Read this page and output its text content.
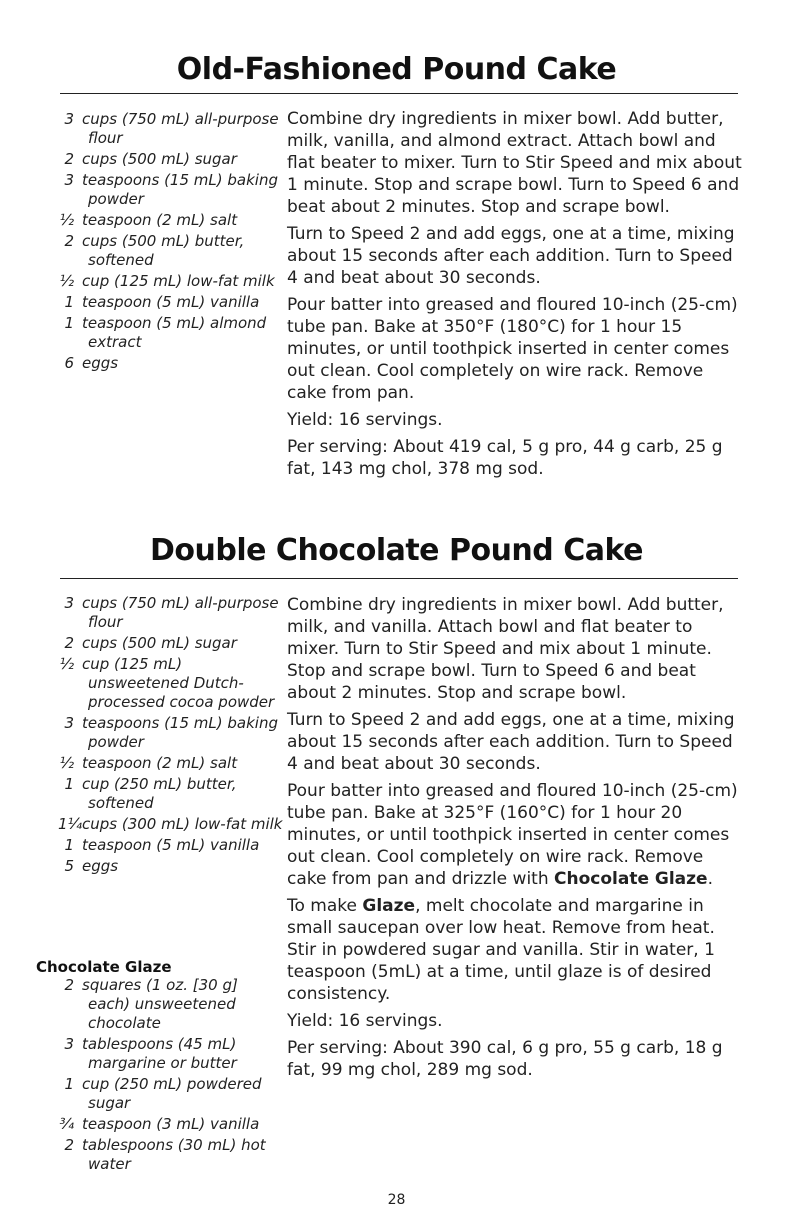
Old-Fashioned Pound Cake
3 cups (750 mL) all-purpose flour
2 cups (500 mL) sugar
3 teaspoons (15 mL) baking powder
½ teaspoon (2 mL) salt
2 cups (500 mL) butter, softened
½ cup (125 mL) low-fat milk
1 teaspoon (5 mL) vanilla
1 teaspoon (5 mL) almond extract
6 eggs

Combine dry ingredients in mixer bowl. Add butter, milk, vanilla, and almond extract. Attach bowl and flat beater to mixer. Turn to Stir Speed and mix about 1 minute. Stop and scrape bowl. Turn to Speed 6 and beat about 2 minutes. Stop and scrape bowl.

Turn to Speed 2 and add eggs, one at a time, mixing about 15 seconds after each addition. Turn to Speed 4 and beat about 30 seconds.

Pour batter into greased and floured 10-inch (25-cm) tube pan. Bake at 350°F (180°C) for 1 hour 15 minutes, or until toothpick inserted in center comes out clean. Cool completely on wire rack. Remove cake from pan.

Yield: 16 servings.

Per serving: About 419 cal, 5 g pro, 44 g carb, 25 g fat, 143 mg chol, 378 mg sod.

Double Chocolate Pound Cake
3 cups (750 mL) all-purpose flour
2 cups (500 mL) sugar
½ cup (125 mL) unsweetened Dutch-processed cocoa powder
3 teaspoons (15 mL) baking powder
½ teaspoon (2 mL) salt
1 cup (250 mL) butter, softened
1¼ cups (300 mL) low-fat milk
1 teaspoon (5 mL) vanilla
5 eggs
Chocolate Glaze
2 squares (1 oz. [30 g] each) unsweetened chocolate
3 tablespoons (45 mL) margarine or butter
1 cup (250 mL) powdered sugar
¾ teaspoon (3 mL) vanilla
2 tablespoons (30 mL) hot water

Combine dry ingredients in mixer bowl. Add butter, milk, and vanilla. Attach bowl and flat beater to mixer. Turn to Stir Speed and mix about 1 minute. Stop and scrape bowl. Turn to Speed 6 and beat about 2 minutes. Stop and scrape bowl.

Turn to Speed 2 and add eggs, one at a time, mixing about 15 seconds after each addition. Turn to Speed 4 and beat about 30 seconds.

Pour batter into greased and floured 10-inch (25-cm) tube pan. Bake at 325°F (160°C) for 1 hour 20 minutes, or until toothpick inserted in center comes out clean. Cool completely on wire rack. Remove cake from pan and drizzle with Chocolate Glaze.

To make Glaze, melt chocolate and margarine in small saucepan over low heat. Remove from heat. Stir in powdered sugar and vanilla. Stir in water, 1 teaspoon (5mL) at a time, until glaze is of desired consistency.

Yield: 16 servings.

Per serving: About 390 cal, 6 g pro, 55 g carb, 18 g fat, 99 mg chol, 289 mg sod.

28
